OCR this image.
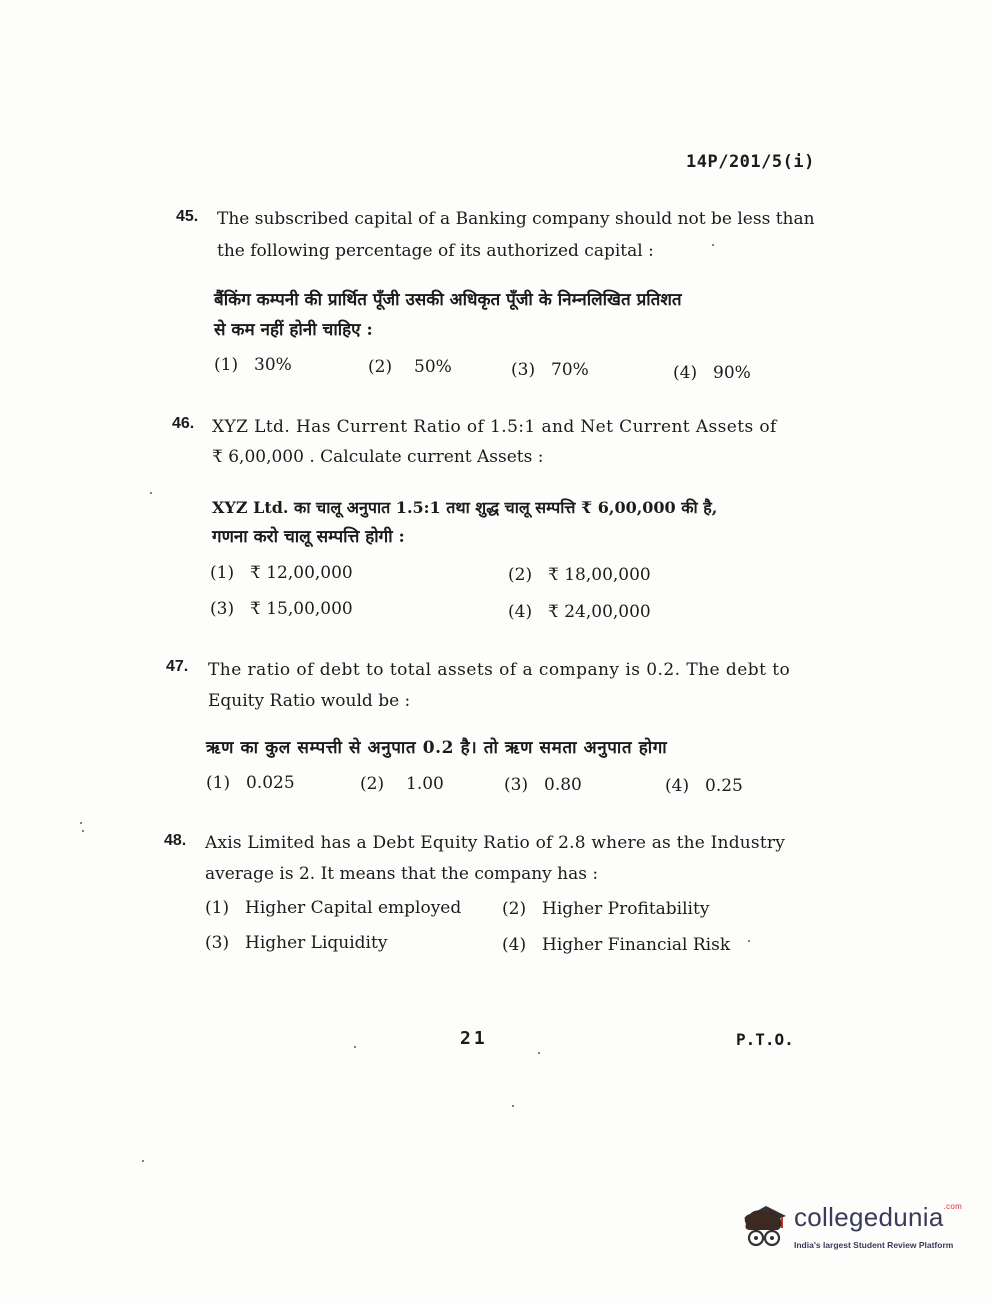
14P/201/5(i)
45. The subscribed capital of a Banking company should not be less than
the following percentage of its authorized capital :
बैंकिंग कम्पनी की प्रार्थित पूँजी उसकी अधिकृत पूँजी के निम्नलिखित प्रतिशत
से कम नहीं होनी चाहिए :
(1) 30%	(2) 50%	(3) 70%	(4) 90%
46. XYZ Ltd. Has Current Ratio of 1.5:1 and Net Current Assets of
₹ 6,00,000 . Calculate current Assets :
XYZ Ltd. का चालू अनुपात 1.5:1 तथा शुद्ध चालू सम्पत्ति ₹ 6,00,000 की है,
गणना करो चालू सम्पत्ति होगी :
(1) ₹ 12,00,000	(2) ₹ 18,00,000
(3) ₹ 15,00,000	(4) ₹ 24,00,000
47. The ratio of debt to total assets of a company is 0.2. The debt to
Equity Ratio would be :
ऋण का कुल सम्पत्ती से अनुपात 0.2 है। तो ऋण समता अनुपात होगा
(1) 0.025	(2) 1.00	(3) 0.80	(4) 0.25
48. Axis Limited has a Debt Equity Ratio of 2.8 where as the Industry
average is 2. It means that the company has :
(1) Higher Capital employed (2) Higher Profitability
(3) Higher Liquidity	(4) Higher Financial Risk
21	P.T.O.
collegedunia$^{.com}$
India's largest Student Review Platform
